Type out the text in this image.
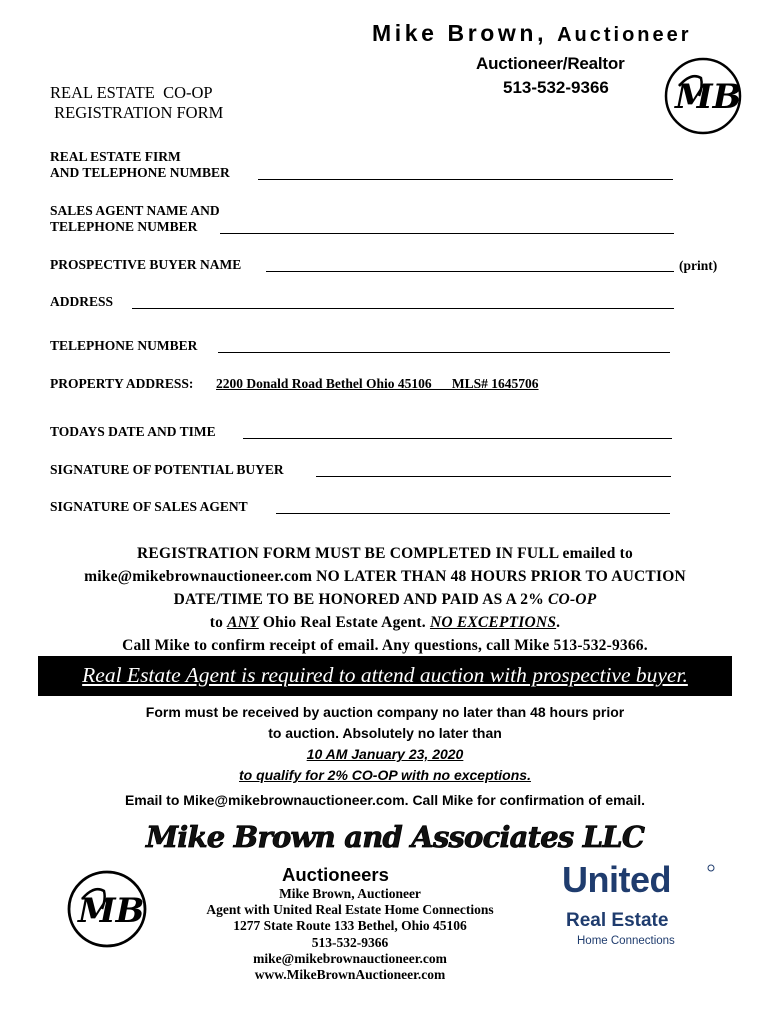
Mike Brown, Auctioneer
Auctioneer/Realtor
513-532-9366
REAL ESTATE  CO-OP
REGISTRATION FORM	MB
REAL ESTATE FIRM
AND TELEPHONE NUMBER
SALES AGENT NAME AND
TELEPHONE NUMBER
PROSPECTIVE BUYER NAME	(print)
ADDRESS
TELEPHONE NUMBER
PROPERTY ADDRESS: 2200 Donald Road Bethel Ohio 45106      MLS# 1645706
TODAYS DATE AND TIME
SIGNATURE OF POTENTIAL BUYER
SIGNATURE OF SALES AGENT
REGISTRATION FORM MUST BE COMPLETED IN FULL emailed to
mike@mikebrownauctioneer.com NO LATER THAN 48 HOURS PRIOR TO AUCTION
DATE/TIME TO BE HONORED AND PAID AS A 2% CO-OP
to ANY Ohio Real Estate Agent. NO EXCEPTIONS.
Call Mike to confirm receipt of email. Any questions, call Mike 513-532-9366.
Real Estate Agent is required to attend auction with prospective buyer.
Form must be received by auction company no later than 48 hours prior
to auction. Absolutely no later than
10 AM January 23, 2020
to qualify for 2% CO-OP with no exceptions.
Email to Mike@mikebrownauctioneer.com. Call Mike for confirmation of email.
Mike Brown and Associates LLC
Auctioneers
MB	Mike Brown, Auctioneer
Agent with United Real Estate Home Connections
1277 State Route 133 Bethel, Ohio 45106
513-532-9366
mike@mikebrownauctioneer.com
www.MikeBrownAuctioneer.com
United
Real Estate
Home Connections
